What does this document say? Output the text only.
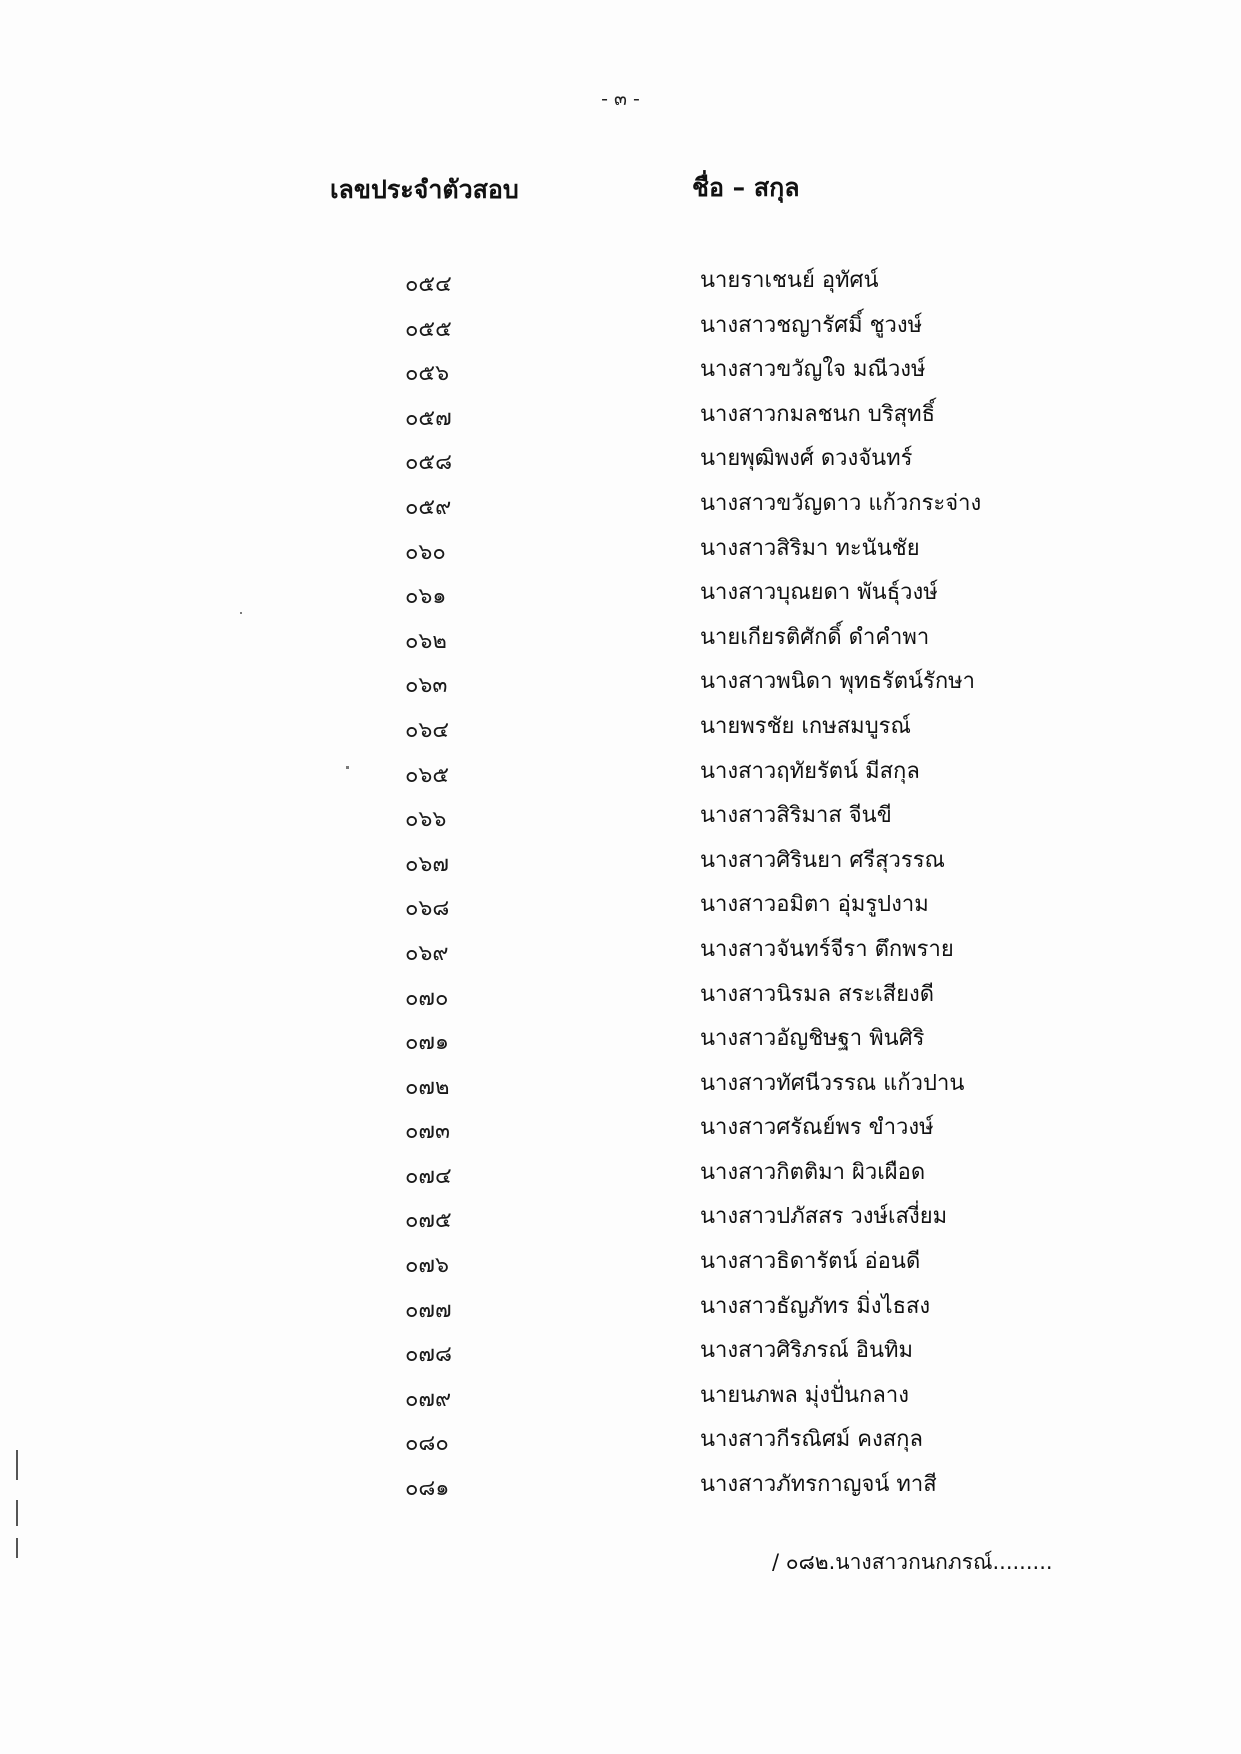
- ๓ -
เลขประจำตัวสอบ	ชื่อ – สกุล
๐๕๔	นายราเชนย์ อุทัศน์
๐๕๕	นางสาวชญารัศมิ์ ชูวงษ์
๐๕๖	นางสาวขวัญใจ มณีวงษ์
๐๕๗	นางสาวกมลชนก บริสุทธิ์
๐๕๘	นายพุฒิพงศ์ ดวงจันทร์
๐๕๙	นางสาวขวัญดาว แก้วกระจ่าง
๐๖๐	นางสาวสิริมา ทะนันชัย
๐๖๑	นางสาวบุณยดา พันธุ์วงษ์
๐๖๒	นายเกียรติศักดิ์ ดำคำพา
๐๖๓	นางสาวพนิดา พุทธรัตน์รักษา
๐๖๔	นายพรชัย เกษสมบูรณ์
๐๖๕	นางสาวฤทัยรัตน์ มีสกุล
๐๖๖	นางสาวสิริมาส จีนขี
๐๖๗	นางสาวศิรินยา ศรีสุวรรณ
๐๖๘	นางสาวอมิตา อุ่มรูปงาม
๐๖๙	นางสาวจันทร์จีรา ตึกพราย
๐๗๐	นางสาวนิรมล สระเสียงดี
๐๗๑	นางสาวอัญชิษฐา พินศิริ
๐๗๒	นางสาวทัศนีวรรณ แก้วปาน
๐๗๓	นางสาวศรัณย์พร ขำวงษ์
๐๗๔	นางสาวกิตติมา ผิวเผือด
๐๗๕	นางสาวปภัสสร วงษ์เสงี่ยม
๐๗๖	นางสาวธิดารัตน์ อ่อนดี
๐๗๗	นางสาวธัญภัทร มิ่งไธสง
๐๗๘	นางสาวศิริภรณ์ อินทิม
๐๗๙	นายนภพล มุ่งปั่นกลาง
๐๘๐	นางสาวกีรณิศม์ คงสกุล
๐๘๑	นางสาวภัทรกาญจน์ ทาสี
/ ๐๘๒.นางสาวกนกภรณ์.........
